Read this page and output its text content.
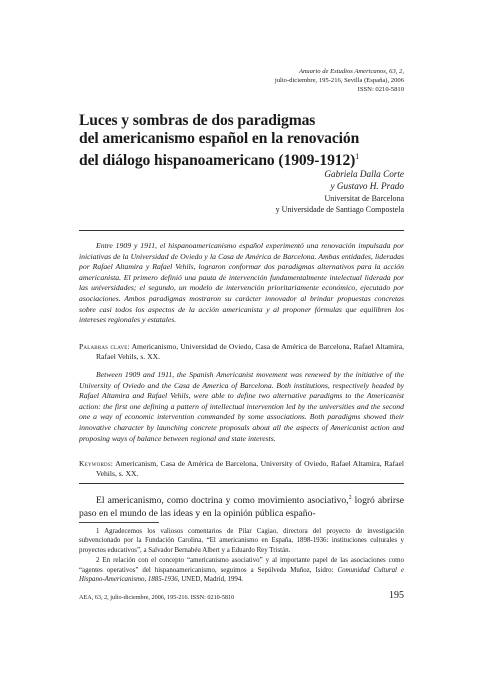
Anuario de Estudios Americanos, 63, 2,
julio-diciembre, 195-216, Sevilla (España), 2006
ISSN: 0210-5810
Luces y sombras de dos paradigmas
del americanismo español en la renovación
del diálogo hispanoamericano (1909-1912)$^1$
Gabriela Dalla Corte
y Gustavo H. Prado
Universitat de Barcelona
y Universidade de Santiago Compostela

Entre 1909 y 1911, el hispanoamericanismo español experimentó una renovación impulsada por iniciativas de la Universidad de Oviedo y la Casa de América de Barcelona. Ambas entidades, lideradas por Rafael Altamira y Rafael Vehils, lograron conformar dos paradigmas alternativos para la acción americanista. El primero definió una pauta de intervención fundamentalmente intelectual liderada por las universidades; el segundo, un modelo de intervención prioritariamente económico, ejecutado por asociaciones. Ambos paradigmas mostraron su carácter innovador al brindar propuestas concretas sobre casi todos los aspectos de la acción americanista y al proponer fórmulas que equilibren los intereses regionales y estatales.

Palabras clave: Americanismo, Universidad de Oviedo, Casa de América de Barcelona, Rafael Altamira, Rafael Vehils, s. XX.

Between 1909 and 1911, the Spanish Americanist movement was renewed by the initiative of the University of Oviedo and the Casa de America of Barcelona. Both institutions, respectively headed by Rafael Altamira and Rafael Vehils, were able to define two alternative paradigms to the Americanist action: the first one defining a pattern of intellectual intervention led by the universities and the second one a way of economic intervention commanded by some associations. Both paradigms showed their innovative character by launching concrete proposals about all the aspects of Americanist action and proposing ways of balance between regional and state interests.

Keywords: Americanism, Casa de América de Barcelona, University of Oviedo, Rafael Altamira, Rafael Vehils, s. XX.

El americanismo, como doctrina y como movimiento asociativo,$^2$ logró abrirse paso en el mundo de las ideas y en la opinión pública españo-

1 Agradecemos los valiosos comentarios de Pilar Cagiao, directora del proyecto de investigación subvencionado por la Fundación Carolina, “El americanismo en España, 1898-1936: instituciones culturales y proyectos educativos”, a Salvador Bernabéu Albert y a Eduardo Rey Tristán.

2 En relación con el concepto “americanismo asociativo” y al importante papel de las asociaciones como “agentes operativos” del hispanoamericanismo, seguimos a Sepúlveda Muñoz, Isidro: Comunidad Cultural e Hispano-Americanismo, 1885-1936, UNED, Madrid, 1994.

AEA, 63, 2, julio-diciembre, 2006, 195-216. ISSN: 0210-5810	195
